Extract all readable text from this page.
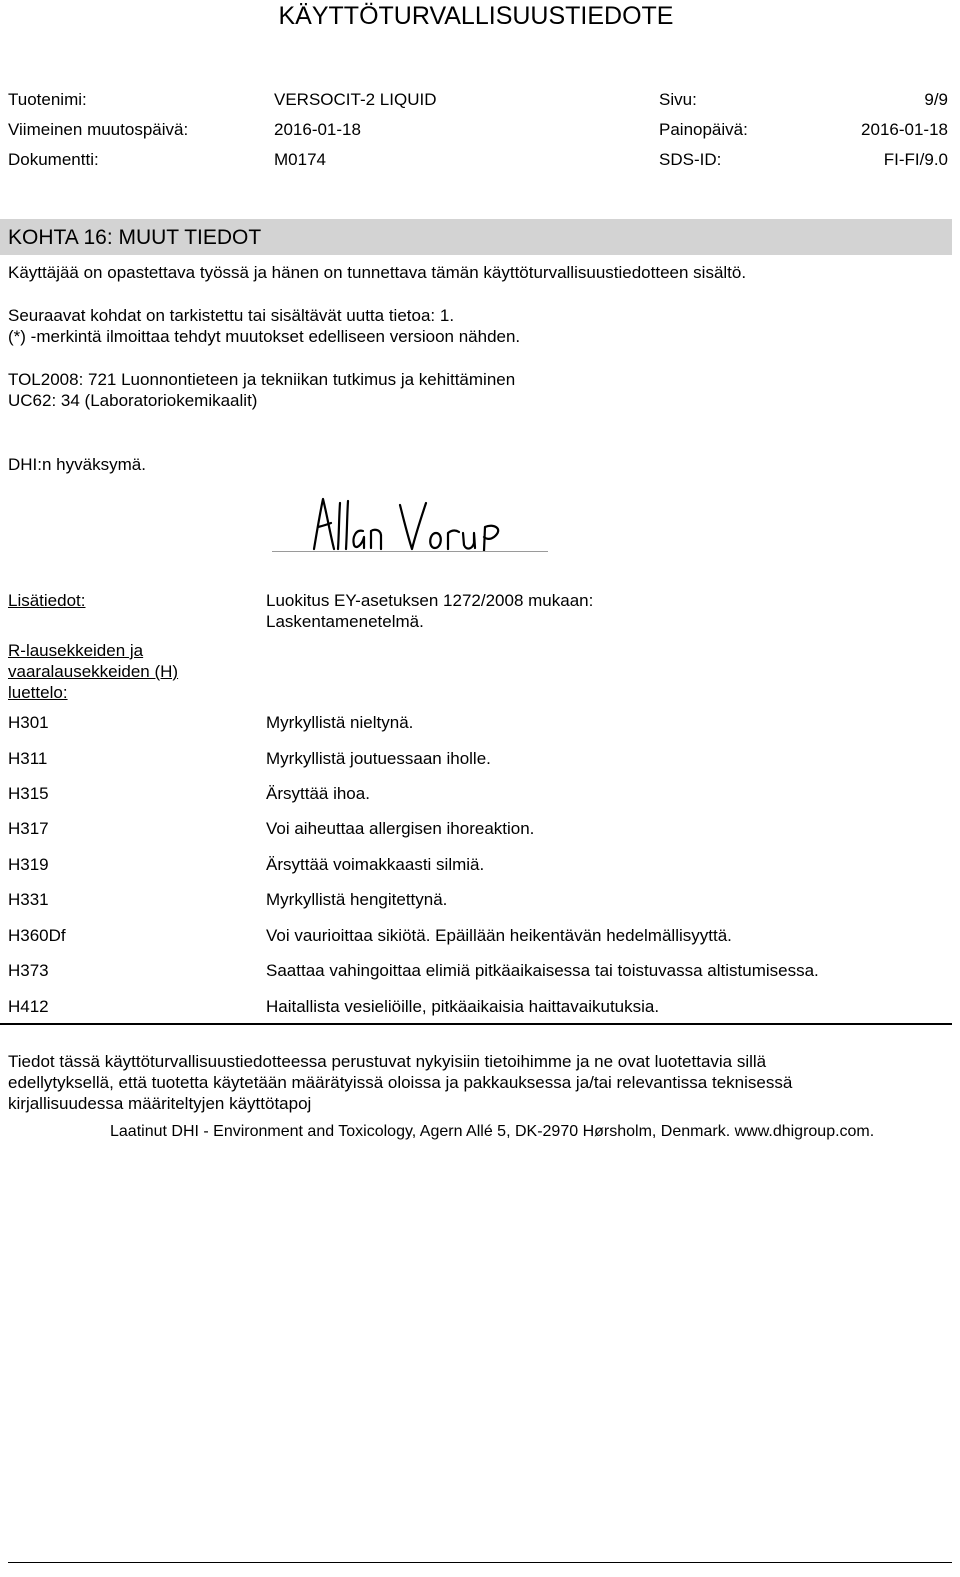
KÄYTTÖTURVALLISUUSTIEDOTE
Tuotenimi:	VERSOCIT-2 LIQUID	Sivu:	9/9
Viimeinen muutospäivä:	2016-01-18	Painopäivä:	2016-01-18
Dokumentti:	M0174	SDS-ID:	FI-FI/9.0
KOHTA 16: MUUT TIEDOT
Käyttäjää on opastettava työssä ja hänen on tunnettava tämän käyttöturvallisuustiedotteen sisältö.
Seuraavat kohdat on tarkistettu tai sisältävät uutta tietoa: 1.
(*) -merkintä ilmoittaa tehdyt muutokset edelliseen versioon nähden.
TOL2008: 721 Luonnontieteen ja tekniikan tutkimus ja kehittäminen
UC62: 34 (Laboratoriokemikaalit)
DHI:n hyväksymä.
Lisätiedot:	Luokitus EY-asetuksen 1272/2008 mukaan:
Laskentamenetelmä.
R-lausekkeiden ja
vaaralausekkeiden (H)
luettelo:
H301	Myrkyllistä nieltynä.
H311	Myrkyllistä joutuessaan iholle.
H315	Ärsyttää ihoa.
H317	Voi aiheuttaa allergisen ihoreaktion.
H319	Ärsyttää voimakkaasti silmiä.
H331	Myrkyllistä hengitettynä.
H360Df	Voi vaurioittaa sikiötä. Epäillään heikentävän hedelmällisyyttä.
H373	Saattaa vahingoittaa elimiä pitkäaikaisessa tai toistuvassa altistumisessa.
H412	Haitallista vesieliöille, pitkäaikaisia haittavaikutuksia.
Tiedot tässä käyttöturvallisuustiedotteessa perustuvat nykyisiin tietoihimme ja ne ovat luotettavia sillä
edellytyksellä, että tuotetta käytetään määrätyissä oloissa ja pakkauksessa ja/tai relevantissa teknisessä
kirjallisuudessa määriteltyjen käyttötapoj
Laatinut DHI - Environment and Toxicology, Agern Allé 5, DK-2970 Hørsholm, Denmark. www.dhigroup.com.
